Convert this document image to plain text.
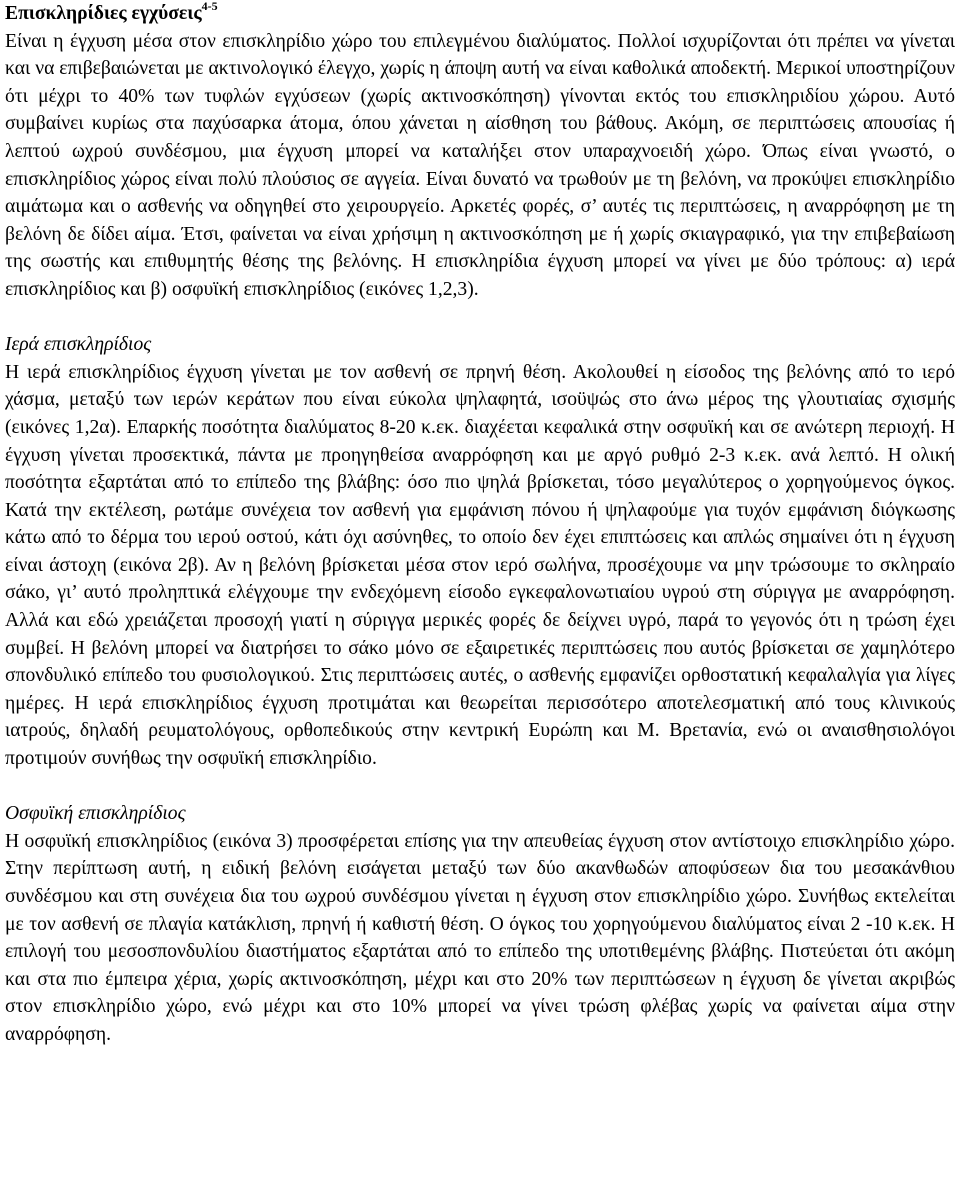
Επισκληρίδιες εγχύσεις$^{4-5}$

Είναι η έγχυση μέσα στον επισκληρίδιο χώρο του επιλεγμένου διαλύματος. Πολλοί ισχυρίζονται ότι πρέπει να γίνεται και να επιβεβαιώνεται με ακτινολογικό έλεγχο, χωρίς η άποψη αυτή να είναι καθολικά αποδεκτή. Μερικοί υποστηρίζουν ότι μέχρι το 40% των τυφλών εγχύσεων (χωρίς ακτινοσκόπηση) γίνονται εκτός του επισκληριδίου χώρου. Αυτό συμβαίνει κυρίως στα παχύσαρκα άτομα, όπου χάνεται η αίσθηση του βάθους. Ακόμη, σε περιπτώσεις απουσίας ή λεπτού ωχρού συνδέσμου, μια έγχυση μπορεί να καταλήξει στον υπαραχνοειδή χώρο. Όπως είναι γνωστό, ο επισκληρίδιος χώρος είναι πολύ πλούσιος σε αγγεία. Είναι δυνατό να τρωθούν με τη βελόνη, να προκύψει επισκληρίδιο αιμάτωμα και ο ασθενής να οδηγηθεί στο χειρουργείο. Αρκετές φορές, σ’ αυτές τις περιπτώσεις, η αναρρόφηση με τη βελόνη δε δίδει αίμα. Έτσι, φαίνεται να είναι χρήσιμη η ακτινοσκόπηση με ή χωρίς σκιαγραφικό, για την επιβεβαίωση της σωστής και επιθυμητής θέσης της βελόνης. Η επισκληρίδια έγχυση μπορεί να γίνει με δύο τρόπους: α) ιερά επισκληρίδιος και β) οσφυϊκή επισκληρίδιος (εικόνες 1,2,3).

Ιερά επισκληρίδιος

Η ιερά επισκληρίδιος έγχυση γίνεται με τον ασθενή σε πρηνή θέση. Ακολουθεί η είσοδος της βελόνης από το ιερό χάσμα, μεταξύ των ιερών κεράτων που είναι εύκολα ψηλαφητά, ισοϋψώς στο άνω μέρος της γλουτιαίας σχισμής (εικόνες 1,2α). Επαρκής ποσότητα διαλύματος 8-20 κ.εκ. διαχέεται κεφαλικά στην οσφυϊκή και σε ανώτερη περιοχή. Η έγχυση γίνεται προσεκτικά, πάντα με προηγηθείσα αναρρόφηση και με αργό ρυθμό 2-3 κ.εκ. ανά λεπτό. Η ολική ποσότητα εξαρτάται από το επίπεδο της βλάβης: όσο πιο ψηλά βρίσκεται, τόσο μεγαλύτερος ο χορηγούμενος όγκος. Κατά την εκτέλεση, ρωτάμε συνέχεια τον ασθενή για εμφάνιση πόνου ή ψηλαφούμε για τυχόν εμφάνιση διόγκωσης κάτω από το δέρμα του ιερού οστού, κάτι όχι ασύνηθες, το οποίο δεν έχει επιπτώσεις και απλώς σημαίνει ότι η έγχυση είναι άστοχη (εικόνα 2β). Αν η βελόνη βρίσκεται μέσα στον ιερό σωλήνα, προσέχουμε να μην τρώσουμε το σκληραίο σάκο, γι’ αυτό προληπτικά ελέγχουμε την ενδεχόμενη είσοδο εγκεφαλονωτιαίου υγρού στη σύριγγα με αναρρόφηση. Αλλά και εδώ χρειάζεται προσοχή γιατί η σύριγγα μερικές φορές δε δείχνει υγρό, παρά το γεγονός ότι η τρώση έχει συμβεί. Η βελόνη μπορεί να διατρήσει το σάκο μόνο σε εξαιρετικές περιπτώσεις που αυτός βρίσκεται σε χαμηλότερο σπονδυλικό επίπεδο του φυσιολογικού. Στις περιπτώσεις αυτές, ο ασθενής εμφανίζει ορθοστατική κεφαλαλγία για λίγες ημέρες. Η ιερά επισκληρίδιος έγχυση προτιμάται και θεωρείται περισσότερο αποτελεσματική από τους κλινικούς ιατρούς, δηλαδή ρευματολόγους, ορθοπεδικούς στην κεντρική Ευρώπη και Μ. Βρετανία, ενώ οι αναισθησιολόγοι προτιμούν συνήθως την οσφυϊκή επισκληρίδιο.

Οσφυϊκή επισκληρίδιος

Η οσφυϊκή επισκληρίδιος (εικόνα 3) προσφέρεται επίσης για την απευθείας έγχυση στον αντίστοιχο επισκληρίδιο χώρο. Στην περίπτωση αυτή, η ειδική βελόνη εισάγεται μεταξύ των δύο ακανθωδών αποφύσεων δια του μεσακάνθιου συνδέσμου και στη συνέχεια δια του ωχρού συνδέσμου γίνεται η έγχυση στον επισκληρίδιο χώρο. Συνήθως εκτελείται με τον ασθενή σε πλαγία κατάκλιση, πρηνή ή καθιστή θέση. Ο όγκος του χορηγούμενου διαλύματος είναι 2 -10 κ.εκ. Η επιλογή του μεσοσπονδυλίου διαστήματος εξαρτάται από το επίπεδο της υποτιθεμένης βλάβης. Πιστεύεται ότι ακόμη και στα πιο έμπειρα χέρια, χωρίς ακτινοσκόπηση, μέχρι και στο 20% των περιπτώσεων η έγχυση δε γίνεται ακριβώς στον επισκληρίδιο χώρο, ενώ μέχρι και στο 10% μπορεί να γίνει τρώση φλέβας χωρίς να φαίνεται αίμα στην αναρρόφηση.
